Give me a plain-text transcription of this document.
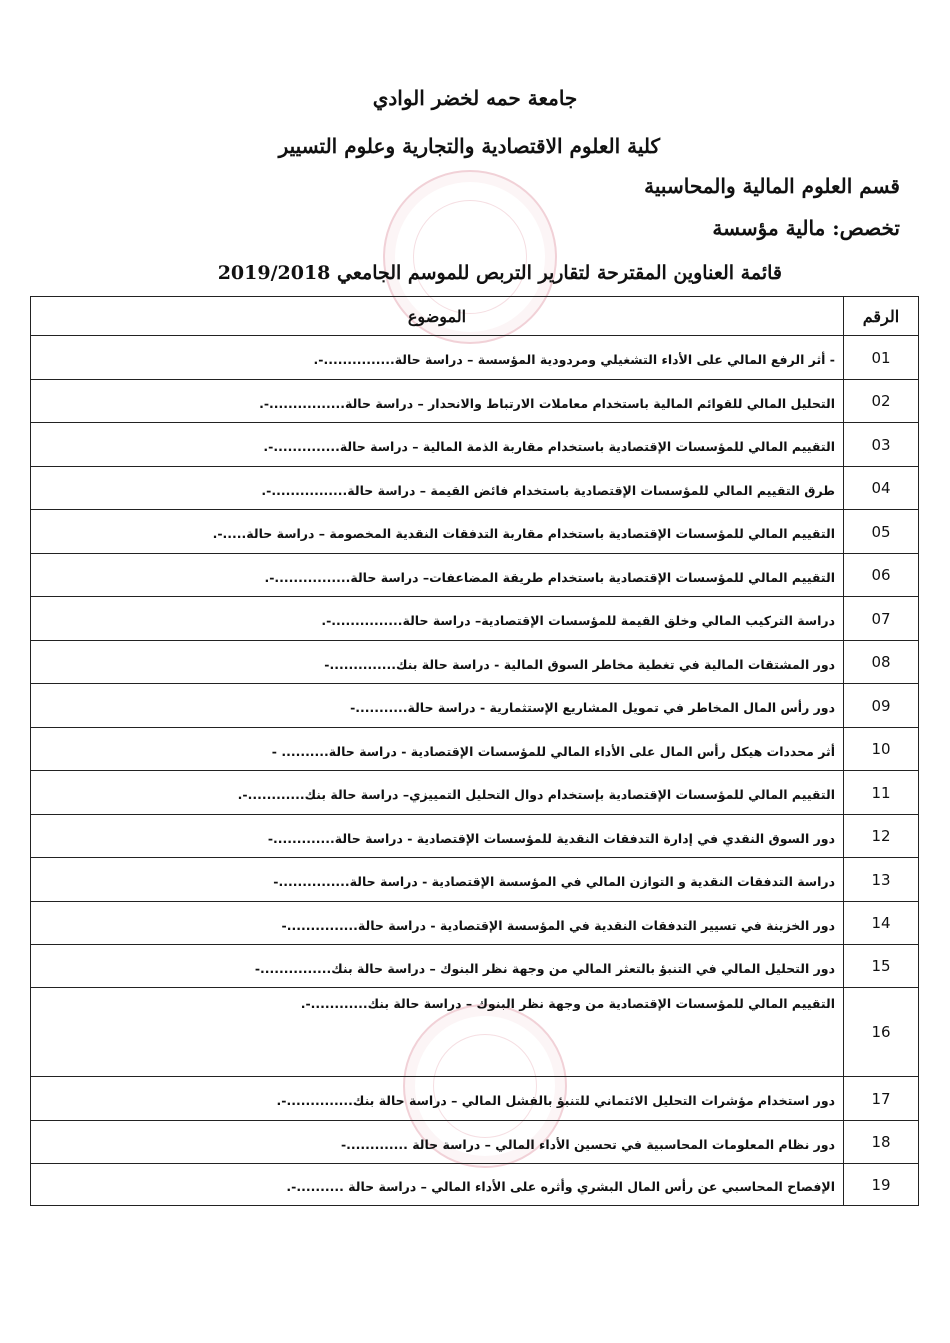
جامعة حمه لخضر الوادي
كلية العلوم الاقتصادية والتجارية وعلوم التسيير
قسم العلوم المالية والمحاسبية
تخصص: مالية مؤسسة
قائمة العناوين المقترحة لتقارير التربص للموسم الجامعي 2019/2018
الرقم	الموضوع
01	- أثر الرفع المالي على الأداء التشغيلي ومردودية المؤسسة – دراسة حالة...............-.
02	التحليل المالي للقوائم المالية باستخدام معاملات الارتباط والانحدار – دراسة حالة................-.
03	التقييم المالي للمؤسسات الإقتصادية باستخدام مقاربة الذمة المالية – دراسة حالة..............-.
04	طرق التقييم المالي للمؤسسات الإقتصادية باستخدام فائض القيمة – دراسة حالة................-.
05	التقييم المالي للمؤسسات الإقتصادية باستخدام مقاربة التدفقات النقدية المخصومة – دراسة حالة.....-.
06	التقييم المالي للمؤسسات الإقتصادية باستخدام طريقة المضاعفات– دراسة حالة................-.
07	دراسة التركيب المالي وخلق القيمة للمؤسسات الإقتصادية– دراسة حالة...............-.
08	دور المشتقات المالية في تغطية مخاطر السوق المالية - دراسة حالة بنك..............-
09	دور رأس المال المخاطر في تمويل المشاريع الإستثمارية - دراسة حالة...........-
10	أثر محددات هيكل رأس المال على الأداء المالي للمؤسسات الإقتصادية - دراسة حالة.......... -
11	التقييم المالي للمؤسسات الإقتصادية بإستخدام دوال التحليل التمييزي– دراسة حالة بنك............-.
12	دور السوق النقدي في إدارة التدفقات النقدية للمؤسسات الإقتصادية - دراسة حالة.............-
13	دراسة التدفقات النقدية و التوازن المالي في المؤسسة الإقتصادية - دراسة حالة...............-
14	دور الخزينة في تسيير التدفقات النقدية في المؤسسة الإقتصادية - دراسة حالة...............-
15	دور التحليل المالي في التنبؤ بالتعثر المالي من وجهة نظر البنوك – دراسة حالة بنك...............-
16	التقييم المالي للمؤسسات الإقتصادية من وجهة نظر البنوك – دراسة حالة بنك............-.
17	دور استخدام مؤشرات التحليل الائتماني للتنبؤ بالفشل المالي – دراسة حالة بنك..............-.
18	دور نظام المعلومات المحاسبية في تحسين الأداء المالي – دراسة حالة .............-
19	الإفصاح المحاسبي عن رأس المال البشري وأثره على الأداء المالي – دراسة حالة ..........-.
